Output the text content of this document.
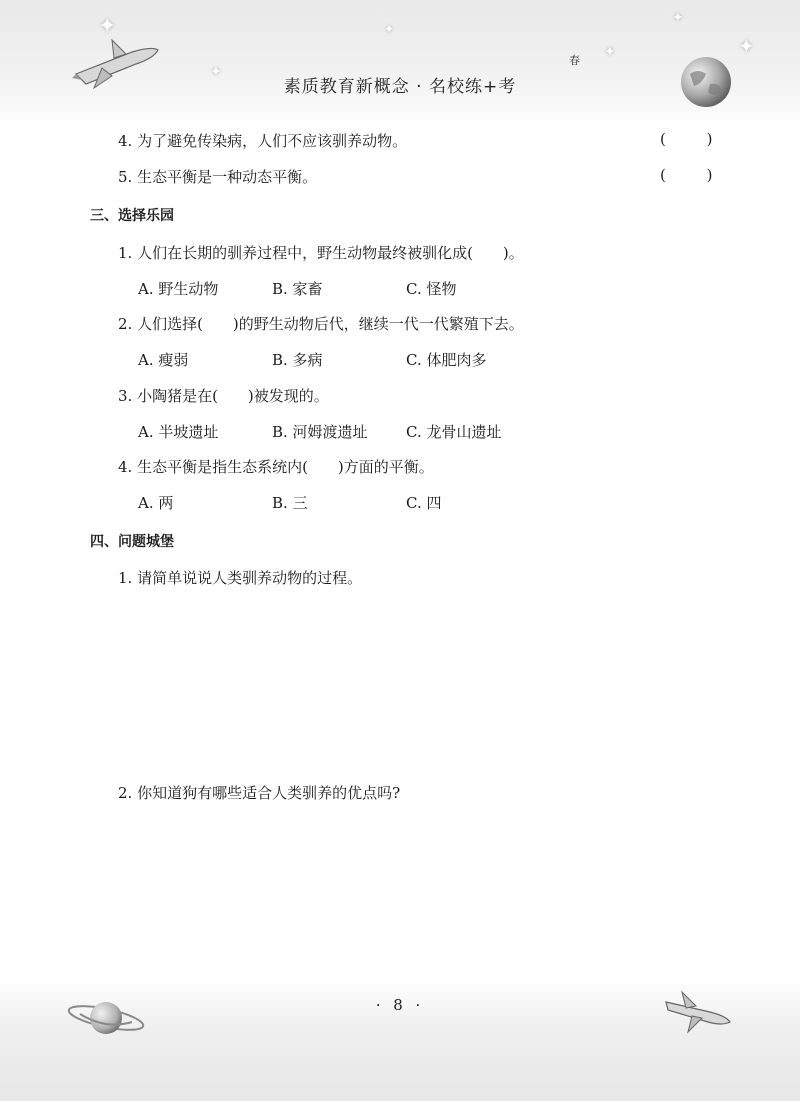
✦
✦
✦
✦
✦
✦
春
素质教育新概念 · 名校练+考
4. 为了避免传染病，人们不应该驯养动物。	( )
5. 生态平衡是一种动态平衡。	( )
三、选择乐园
1. 人们在长期的驯养过程中，野生动物最终被驯化成(　　)。
A. 野生动物	B. 家畜	C. 怪物
2. 人们选择(　　)的野生动物后代，继续一代一代繁殖下去。
A. 瘦弱	B. 多病	C. 体肥肉多
3. 小陶猪是在(　　)被发现的。
A. 半坡遗址	B. 河姆渡遗址	C. 龙骨山遗址
4. 生态平衡是指生态系统内(　　)方面的平衡。
A. 两	B. 三	C. 四
四、问题城堡
1. 请简单说说人类驯养动物的过程。
2. 你知道狗有哪些适合人类驯养的优点吗?
· 8 ·
